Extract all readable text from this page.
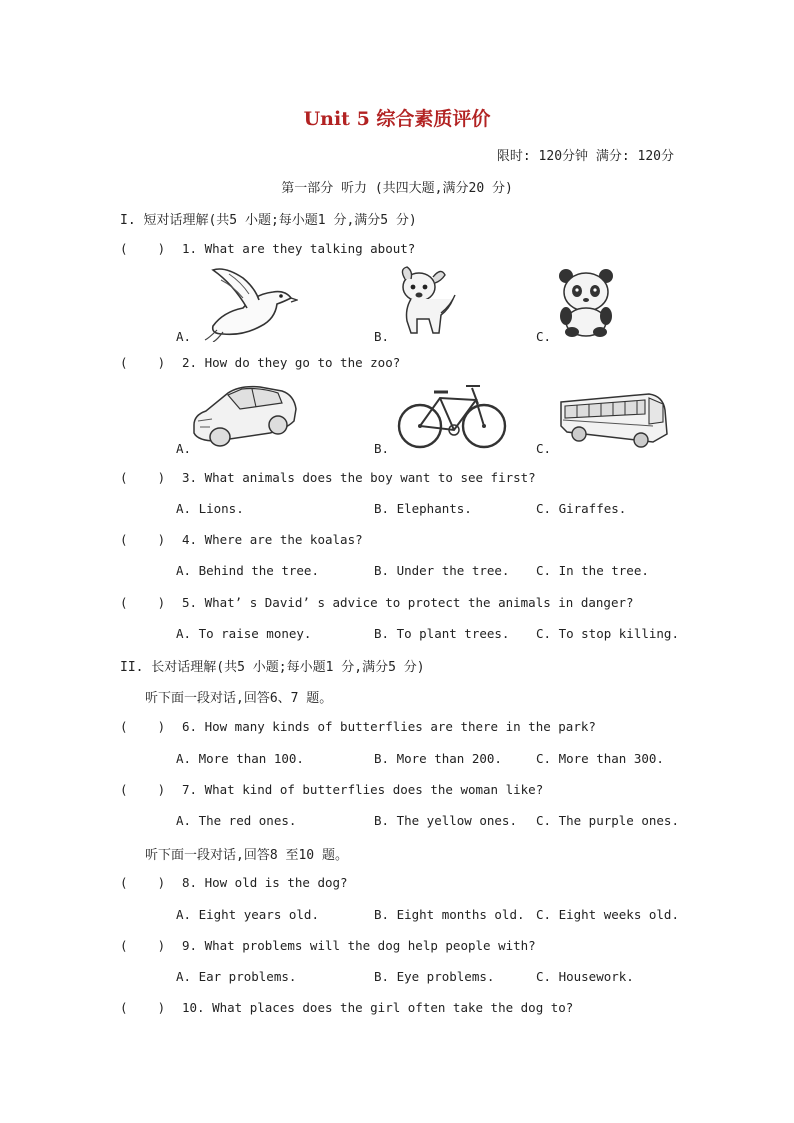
Unit 5 综合素质评价
限时: 120分钟 满分: 120分
第一部分 听力 (共四大题,满分20 分)
I. 短对话理解(共5 小题;每小题1 分,满分5 分)
(    ) 1. What are they talking about?
A.	B.	C.
(    ) 2. How do they go to the zoo?
A.	B.	C.
(    ) 3. What animals does the boy want to see first?
A. Lions.	B. Elephants.	C. Giraffes.
(    ) 4. Where are the koalas?
A. Behind the tree.	B. Under the tree. C. In the tree.
(    ) 5. What’ s David’ s advice to protect the animals in danger?
A. To raise money.	B. To plant trees. C. To stop killing.
II. 长对话理解(共5 小题;每小题1 分,满分5 分)
听下面一段对话,回答6、7 题。
(    ) 6. How many kinds of butterflies are there in the park?
A. More than 100.	B. More than 200.	C. More than 300.
(    ) 7. What kind of butterflies does the woman like?
A. The red ones.	B. The yellow ones. C. The purple ones.
听下面一段对话,回答8 至10 题。
(    ) 8. How old is the dog?
A. Eight years old.	B. Eight months old. C. Eight weeks old.
(    ) 9. What problems will the dog help people with?
A. Ear problems.	B. Eye problems.	C. Housework.
(    ) 10. What places does the girl often take the dog to?
